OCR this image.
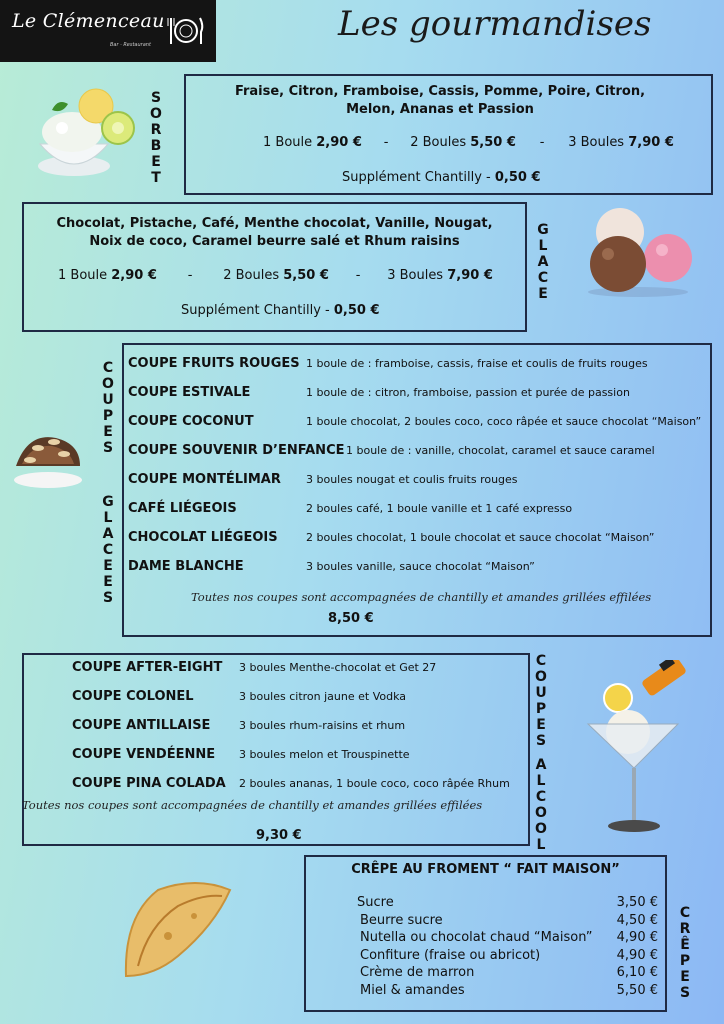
Le Clémenceau
Bar · Restaurant
Les gourmandises
SORBET
Fraise, Citron, Framboise, Cassis, Pomme, Poire, Citron,
Melon, Ananas et Passion
1 Boule 2,90 € - 2 Boules 5,50 € - 3 Boules 7,90 €
Supplément Chantilly - 0,50 €
Chocolat, Pistache, Café, Menthe chocolat, Vanille, Nougat,
Noix de coco, Caramel beurre salé et Rhum raisins
1 Boule 2,90 € - 2 Boules 5,50 € - 3 Boules 7,90 €
Supplément Chantilly - 0,50 €
GLACE
COUPES
GLACEES
COUPE FRUITS ROUGES 1 boule de : framboise, cassis, fraise et coulis de fruits rouges
COUPE ESTIVALE	1 boule de : citron, framboise, passion et purée de passion
COUPE COCONUT	1 boule chocolat, 2 boules coco, coco râpée et sauce chocolat “Maison”
COUPE SOUVENIR D’ENFANCE 1 boule de : vanille, chocolat, caramel et sauce caramel
COUPE MONTÉLIMAR 3 boules nougat et coulis fruits rouges
CAFÉ LIÉGEOIS	2 boules café, 1 boule vanille et 1 café expresso
CHOCOLAT LIÉGEOIS	2 boules chocolat, 1 boule chocolat et sauce chocolat “Maison”
DAME BLANCHE	3 boules vanille, sauce chocolat “Maison”
Toutes nos coupes sont accompagnées de chantilly et amandes grillées effilées
8,50 €
COUPE AFTER-EIGHT 3 boules Menthe-chocolat et Get 27
COUPE COLONEL	3 boules citron jaune et Vodka
COUPE ANTILLAISE	3 boules rhum-raisins et rhum
COUPE VENDÉENNE 3 boules melon et Trouspinette
COUPE PINA COLADA 2 boules ananas, 1 boule coco, coco râpée Rhum
Toutes nos coupes sont accompagnées de chantilly et amandes grillées effilées
9,30 €
COUPES
ALCOOL
CRÊPE AU FROMENT “ FAIT MAISON”
Sucre	3,50 €
Beurre sucre	4,50 €
Nutella ou chocolat chaud “Maison”	4,90 €
Confiture (fraise ou abricot)	4,90 €
Crème de marron	6,10 €
Miel & amandes	5,50 €
CRÊPES
